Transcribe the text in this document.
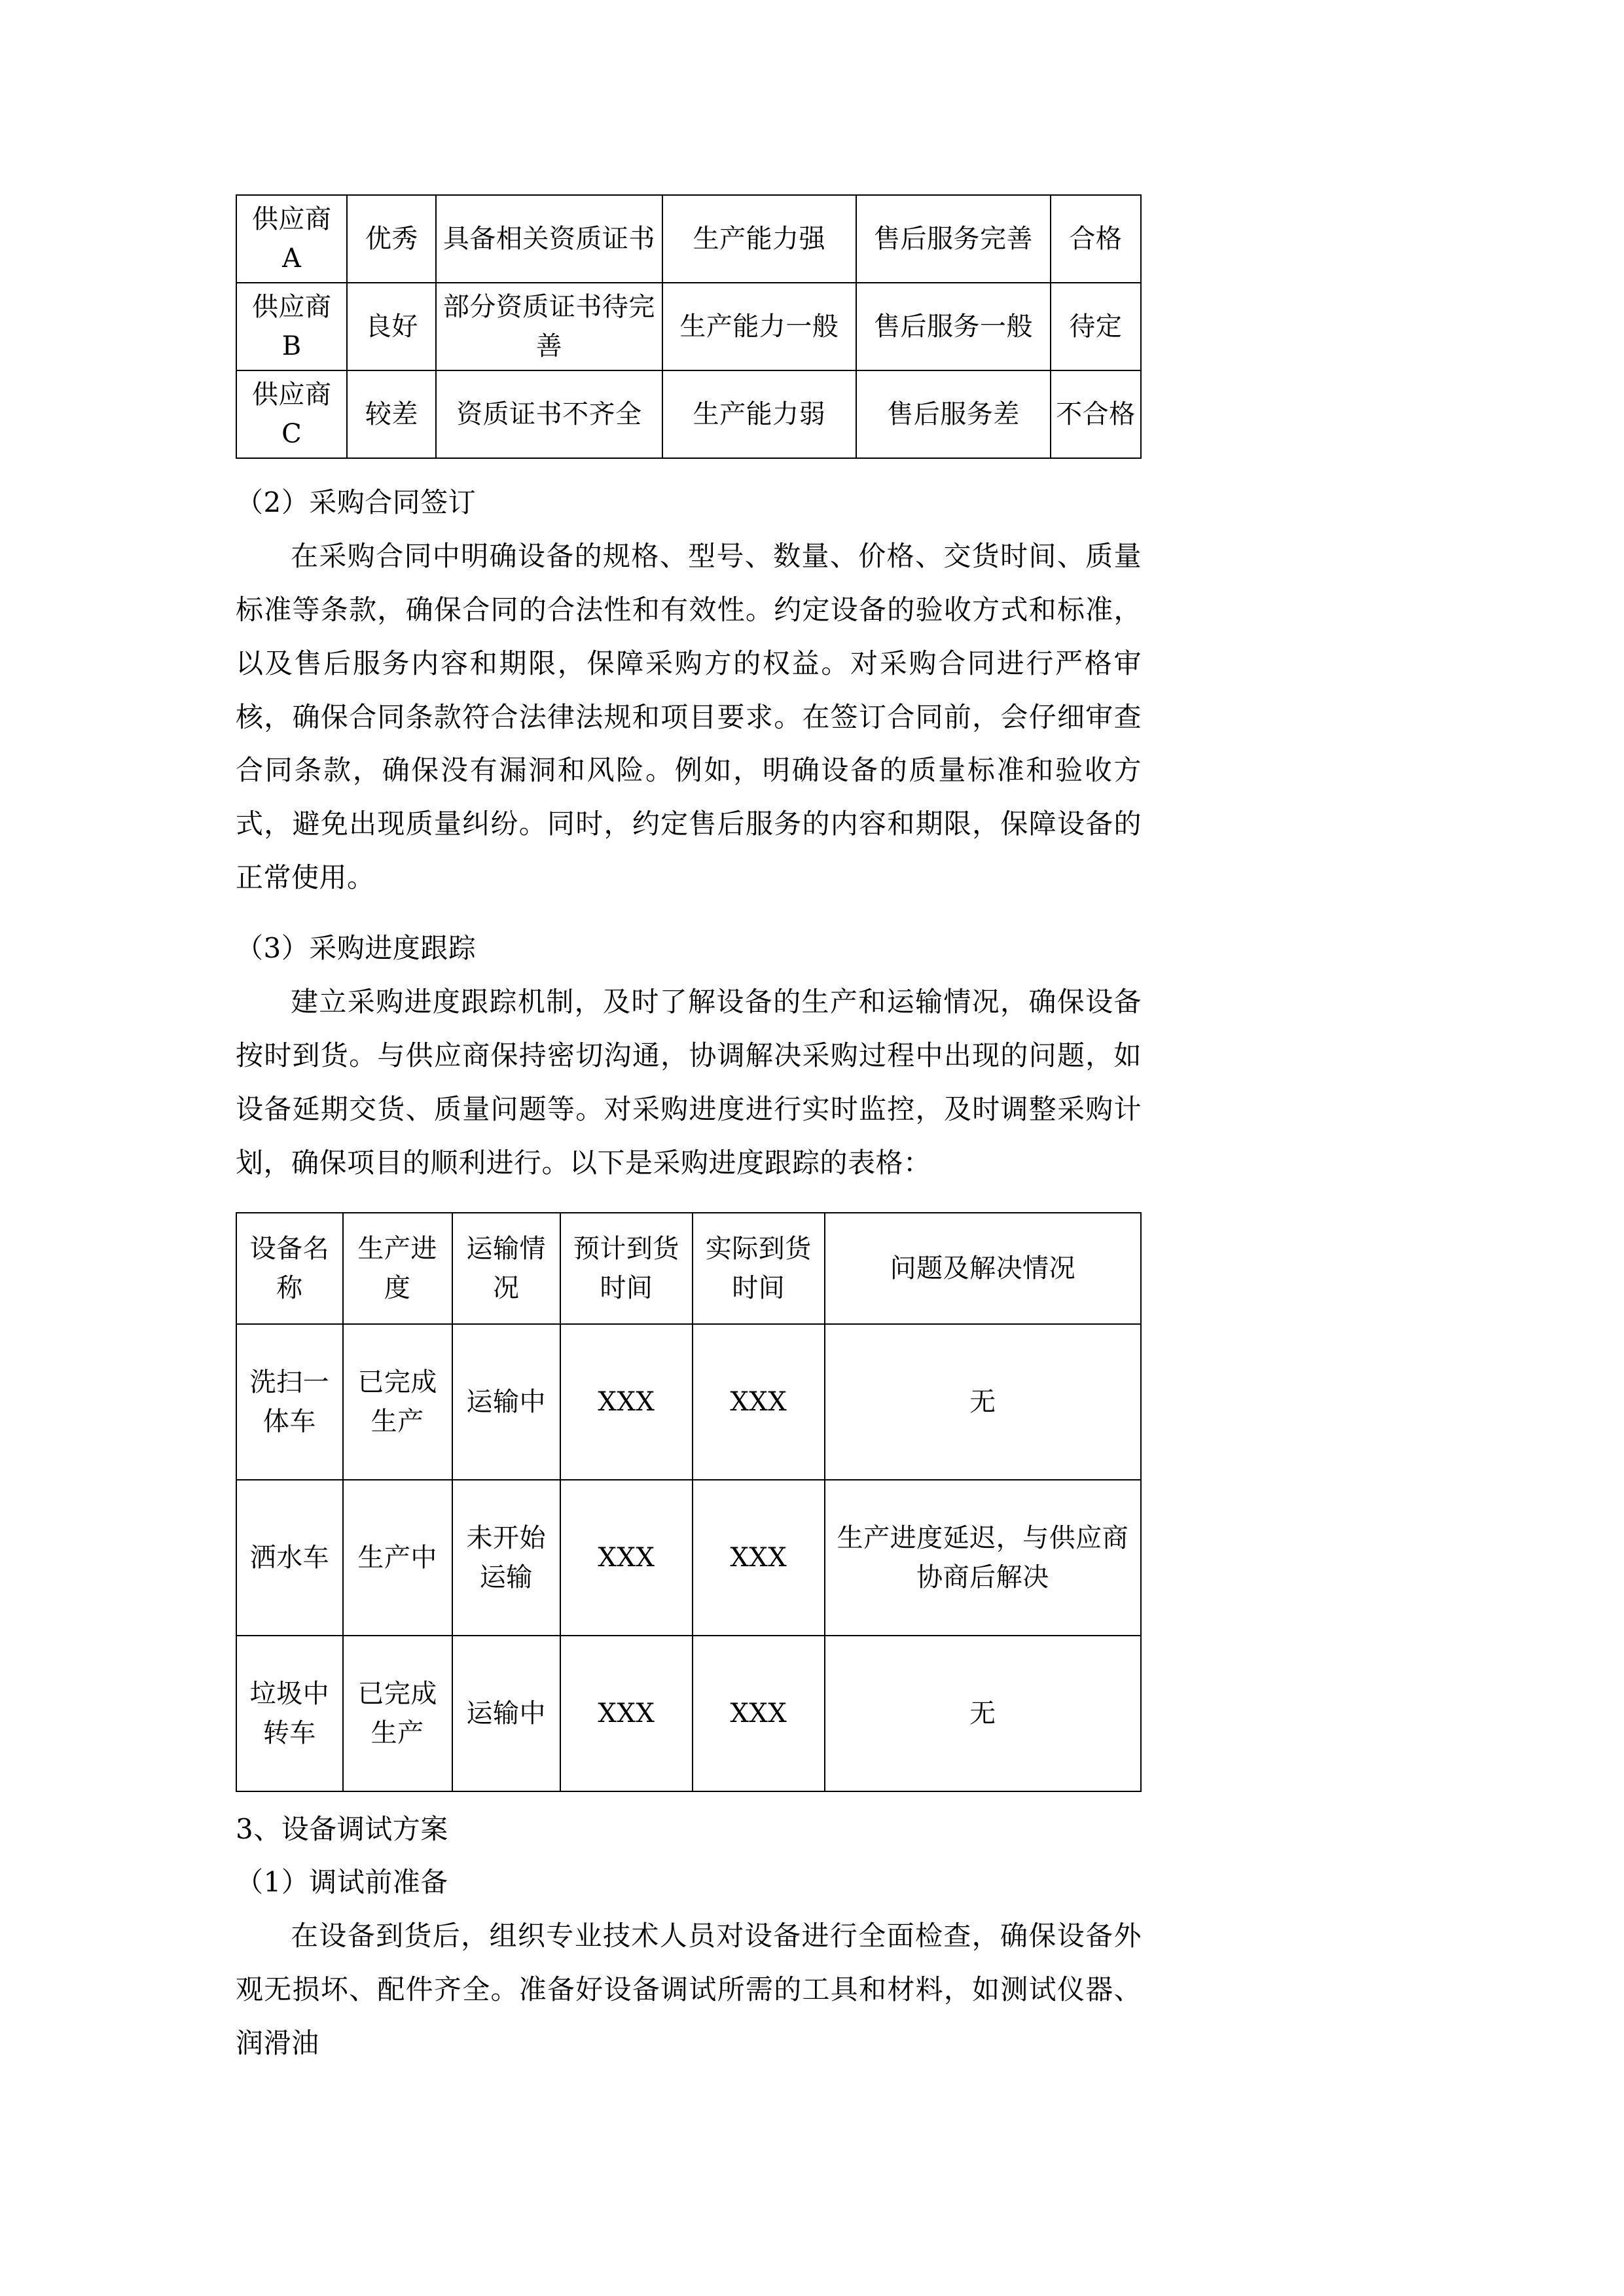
供应商 A	优秀	具备相关资质证书	生产能力强	售后服务完善	合格
供应商 B	良好	部分资质证书待完善	生产能力一般	售后服务一般	待定
供应商 C	较差	资质证书不齐全	生产能力弱	售后服务差	不合格

（2）采购合同签订

在采购合同中明确设备的规格、型号、数量、价格、交货时间、质量标准等条款，确保合同的合法性和有效性。约定设备的验收方式和标准，以及售后服务内容和期限，保障采购方的权益。对采购合同进行严格审核，确保合同条款符合法律法规和项目要求。在签订合同前，会仔细审查合同条款，确保没有漏洞和风险。例如，明确设备的质量标准和验收方式，避免出现质量纠纷。同时，约定售后服务的内容和期限，保障设备的正常使用。

（3）采购进度跟踪

建立采购进度跟踪机制，及时了解设备的生产和运输情况，确保设备按时到货。与供应商保持密切沟通，协调解决采购过程中出现的问题，如设备延期交货、质量问题等。对采购进度进行实时监控，及时调整采购计划，确保项目的顺利进行。以下是采购进度跟踪的表格：

设备名称	生产进度	运输情况	预计到货时间	实际到货时间	问题及解决情况
洗扫一体车	已完成生产	运输中	XXX	XXX	无
洒水车	生产中	未开始运输	XXX	XXX	生产进度延迟，与供应商协商后解决
垃圾中转车	已完成生产	运输中	XXX	XXX	无

3、设备调试方案

（1）调试前准备

在设备到货后，组织专业技术人员对设备进行全面检查，确保设备外观无损坏、配件齐全。准备好设备调试所需的工具和材料，如测试仪器、润滑油
